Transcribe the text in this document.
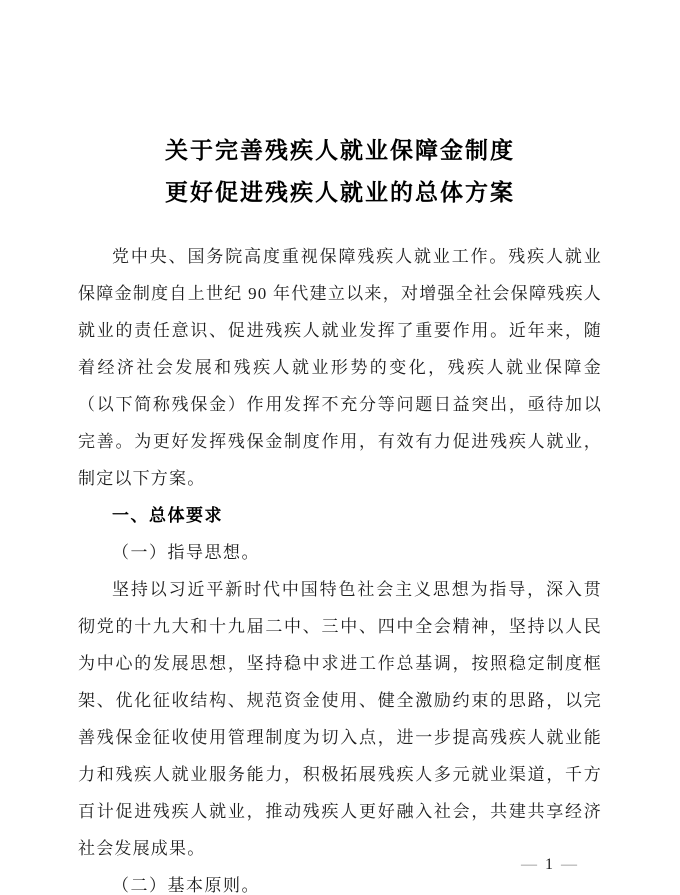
关于完善残疾人就业保障金制度
更好促进残疾人就业的总体方案

党中央、国务院高度重视保障残疾人就业工作。残疾人就业保障金制度自上世纪 90 年代建立以来，对增强全社会保障残疾人就业的责任意识、促进残疾人就业发挥了重要作用。近年来，随着经济社会发展和残疾人就业形势的变化，残疾人就业保障金（以下简称残保金）作用发挥不充分等问题日益突出，亟待加以完善。为更好发挥残保金制度作用，有效有力促进残疾人就业，制定以下方案。

一、总体要求

（一）指导思想。

坚持以习近平新时代中国特色社会主义思想为指导，深入贯彻党的十九大和十九届二中、三中、四中全会精神，坚持以人民为中心的发展思想，坚持稳中求进工作总基调，按照稳定制度框架、优化征收结构、规范资金使用、健全激励约束的思路，以完善残保金征收使用管理制度为切入点，进一步提高残疾人就业能力和残疾人就业服务能力，积极拓展残疾人多元就业渠道，千方百计促进残疾人就业，推动残疾人更好融入社会，共建共享经济社会发展成果。

（二）基本原则。

— 1 —
